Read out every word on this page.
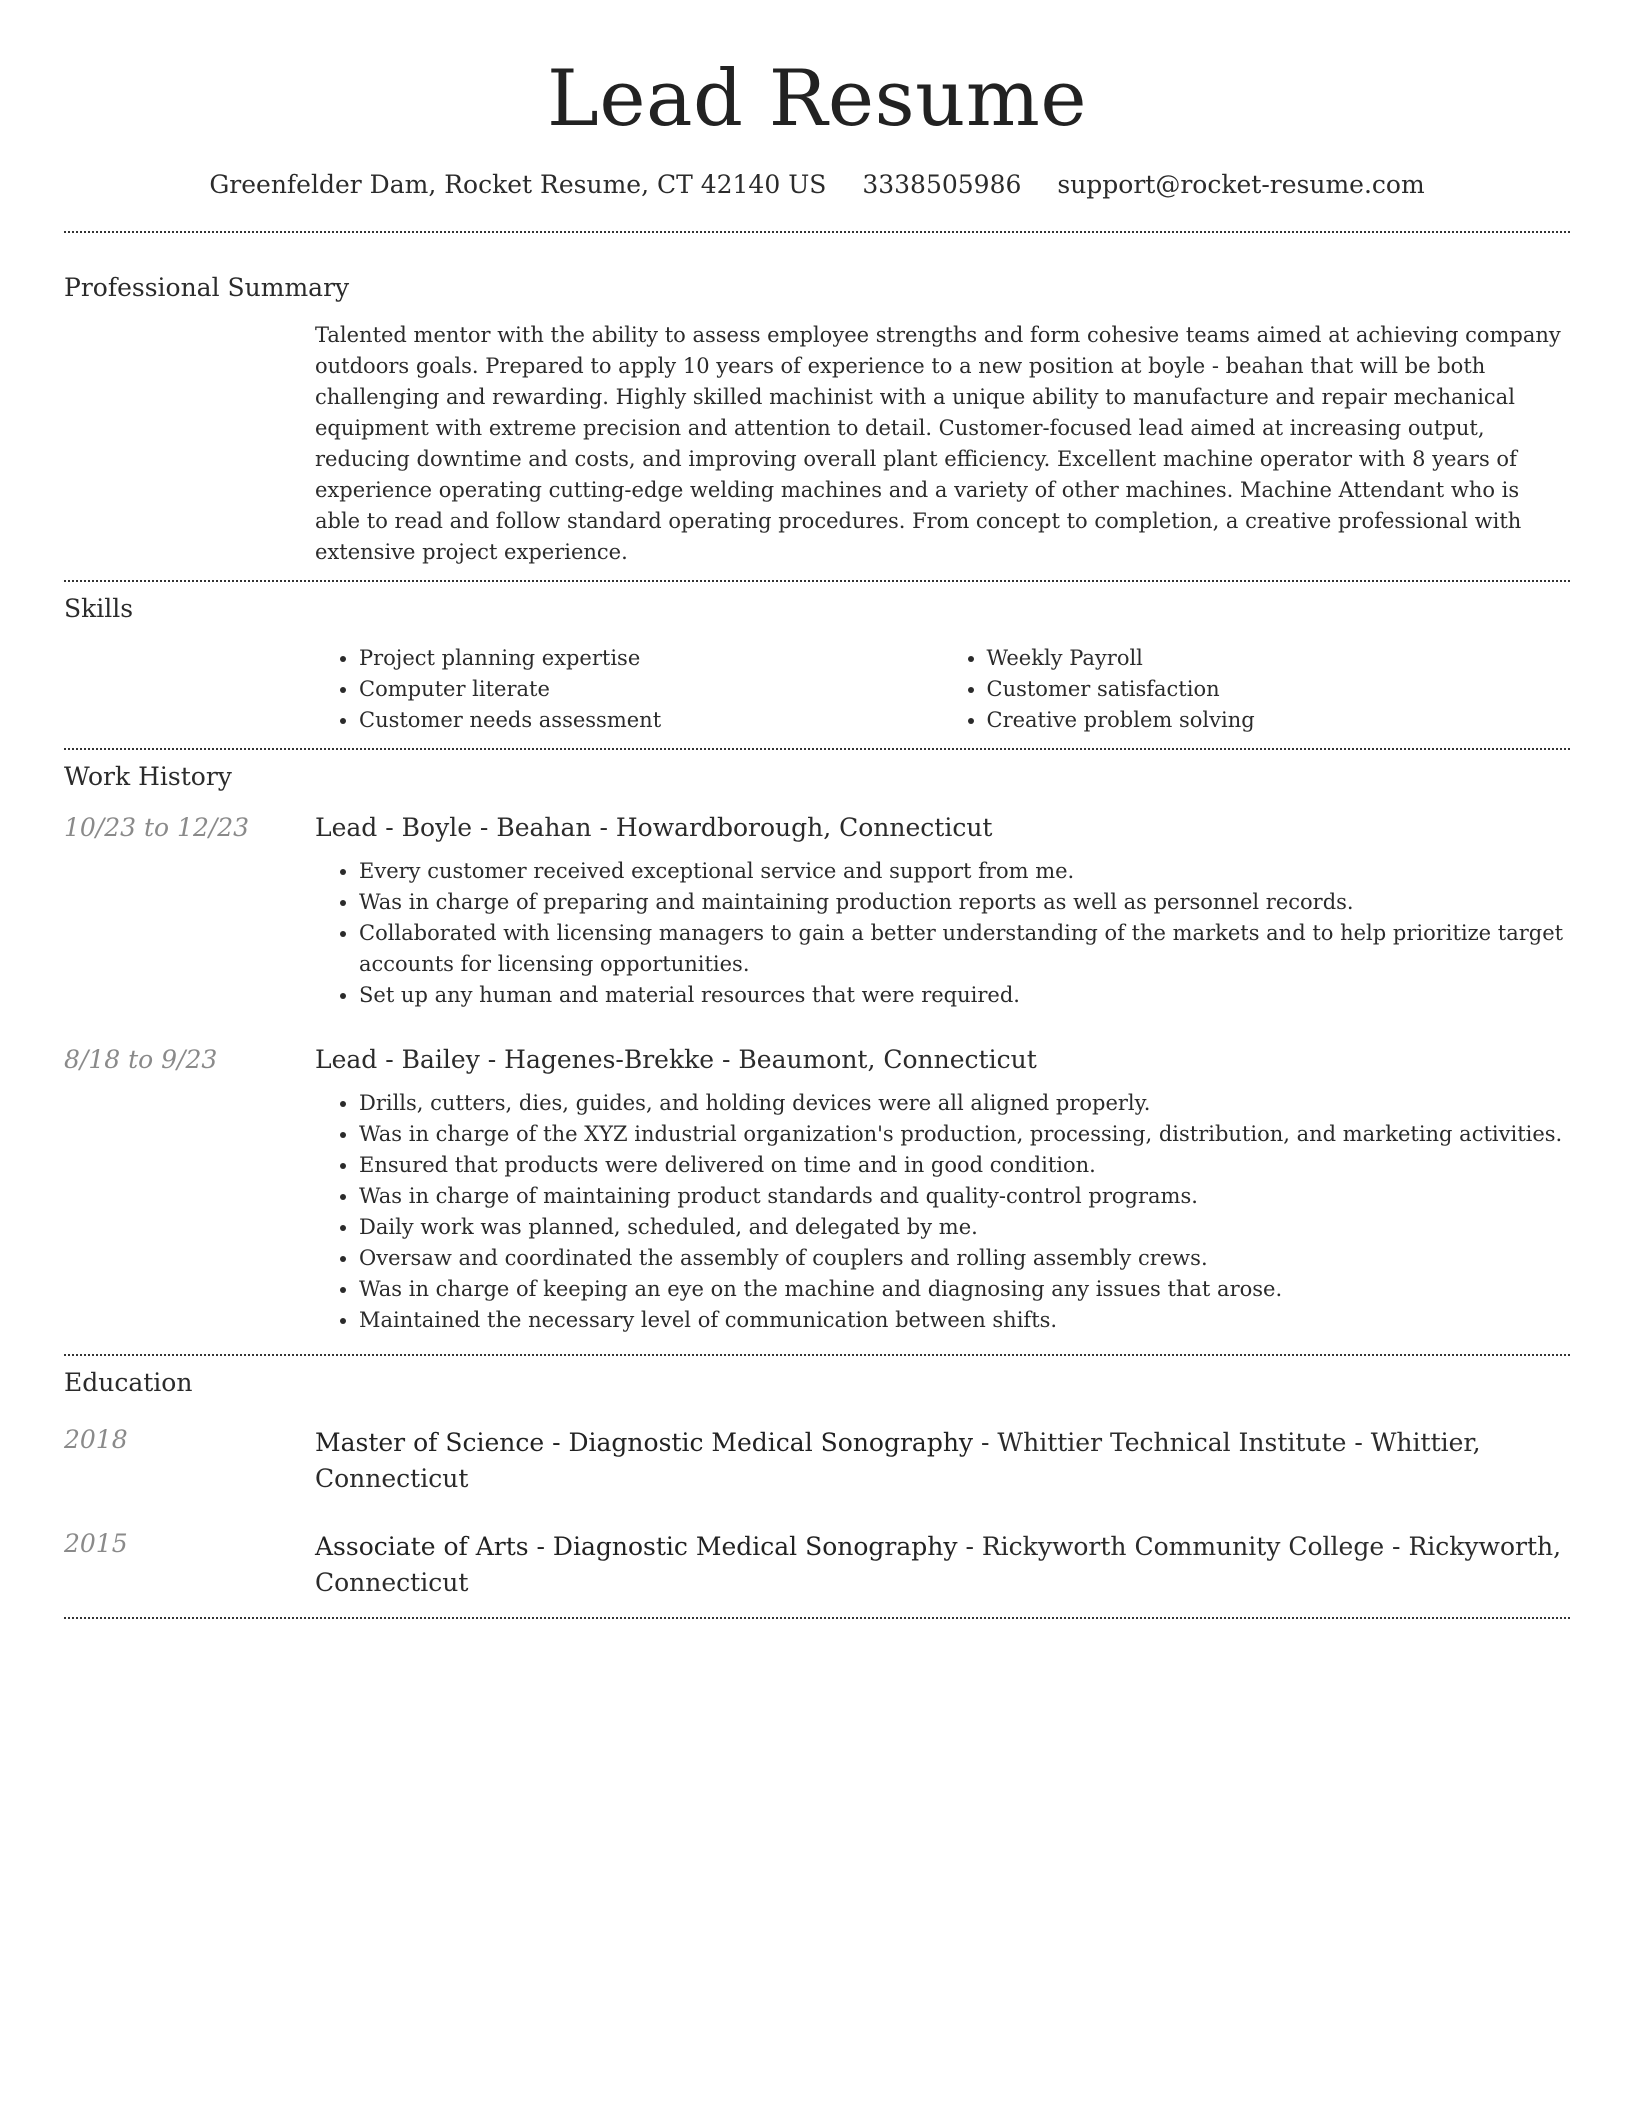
Lead Resume
Greenfelder Dam, Rocket Resume, CT 42140 US 3338505986 support@rocket-resume.com
Professional Summary

Talented mentor with the ability to assess employee strengths and form cohesive teams aimed at achieving company outdoors goals. Prepared to apply 10 years of experience to a new position at boyle - beahan that will be both challenging and rewarding. Highly skilled machinist with a unique ability to manufacture and repair mechanical equipment with extreme precision and attention to detail. Customer-focused lead aimed at increasing output, reducing downtime and costs, and improving overall plant efficiency. Excellent machine operator with 8 years of experience operating cutting-edge welding machines and a variety of other machines. Machine Attendant who is able to read and follow standard operating procedures. From concept to completion, a creative professional with extensive project experience.

Skills
• Project planning expertise
• Computer literate
• Customer needs assessment
• Weekly Payroll
• Customer satisfaction
• Creative problem solving
Work History
10/23 to 12/23	Lead - Boyle - Beahan - Howardborough, Connecticut
• Every customer received exceptional service and support from me.
• Was in charge of preparing and maintaining production reports as well as personnel records.
• Collaborated with licensing managers to gain a better understanding of the markets and to help prioritize target accounts for licensing opportunities.
• Set up any human and material resources that were required.
8/18 to 9/23	Lead - Bailey - Hagenes-Brekke - Beaumont, Connecticut
• Drills, cutters, dies, guides, and holding devices were all aligned properly.
• Was in charge of the XYZ industrial organization's production, processing, distribution, and marketing activities.
• Ensured that products were delivered on time and in good condition.
• Was in charge of maintaining product standards and quality-control programs.
• Daily work was planned, scheduled, and delegated by me.
• Oversaw and coordinated the assembly of couplers and rolling assembly crews.
• Was in charge of keeping an eye on the machine and diagnosing any issues that arose.
• Maintained the necessary level of communication between shifts.
Education
2018	Master of Science - Diagnostic Medical Sonography - Whittier Technical Institute - Whittier, Connecticut
2015	Associate of Arts - Diagnostic Medical Sonography - Rickyworth Community College - Rickyworth, Connecticut
